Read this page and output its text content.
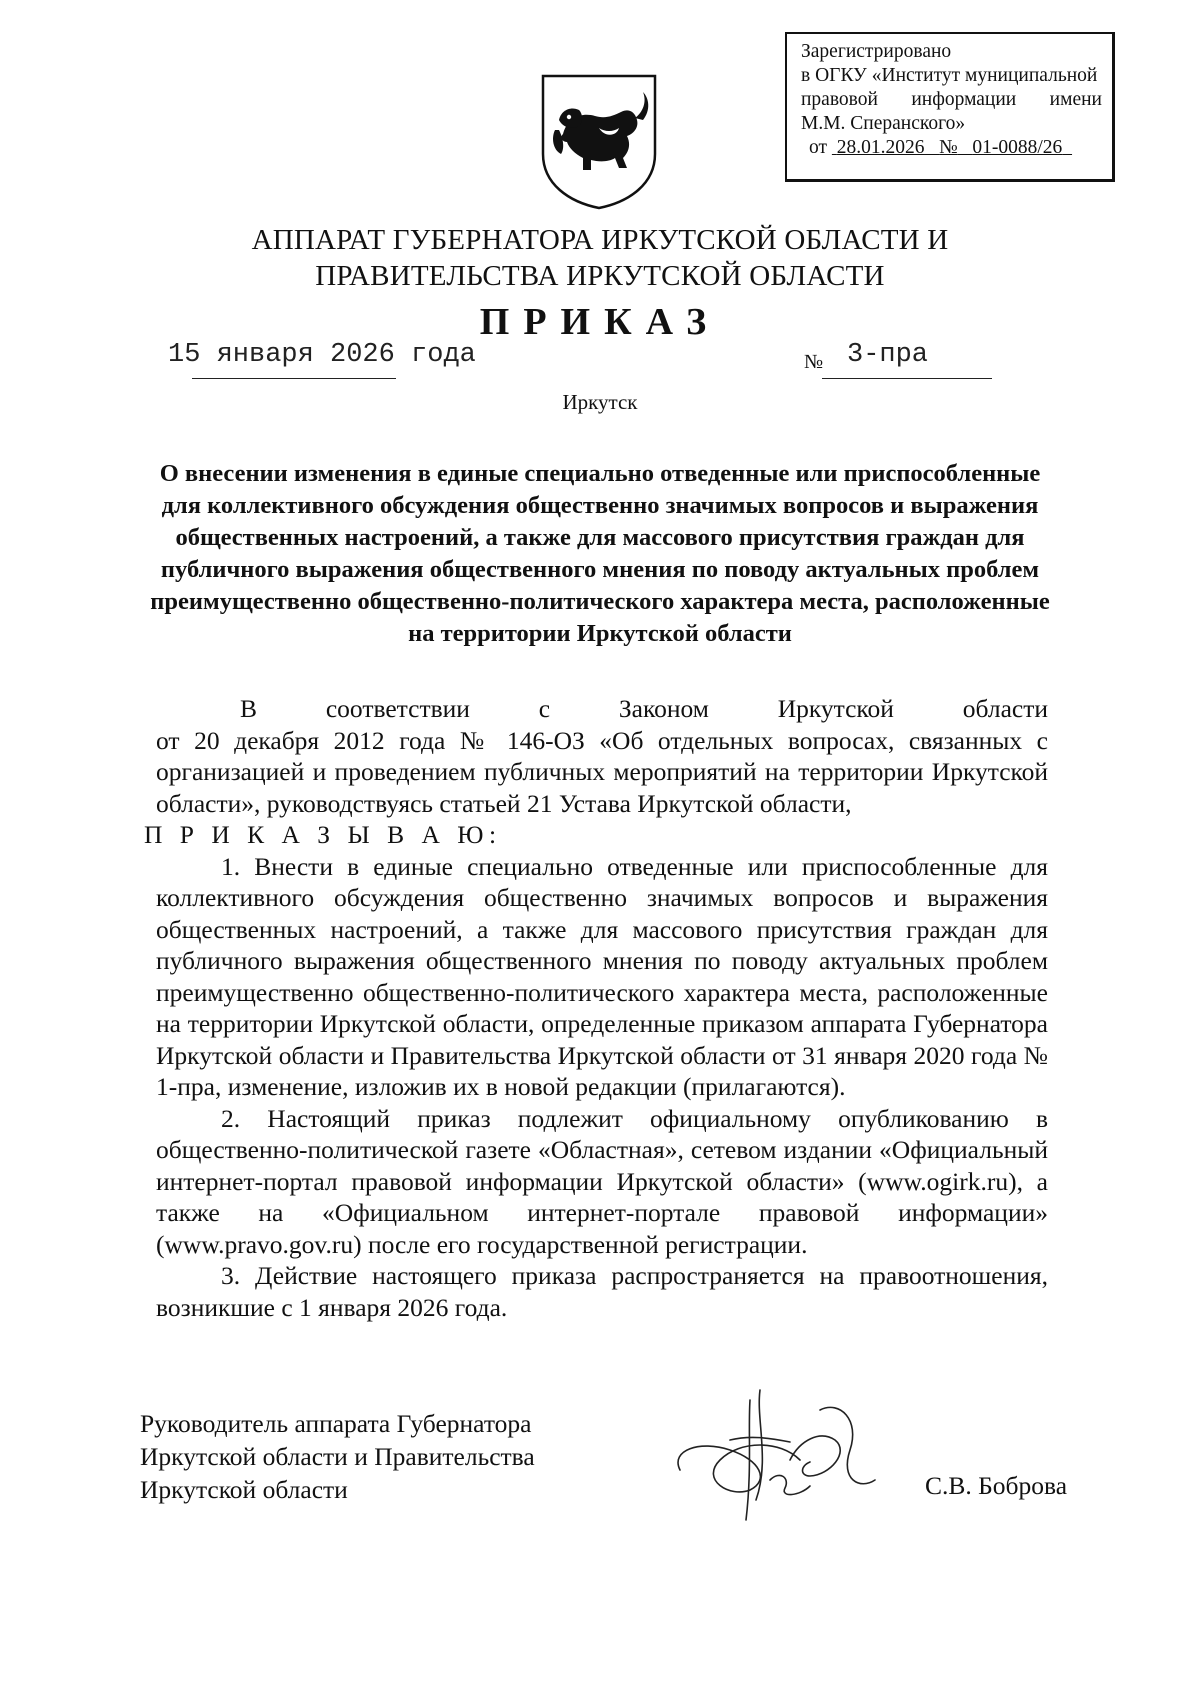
Зарегистрировано
в ОГКУ «Институт муниципальной
правовой информации имени
М.М. Сперанского»
от 28.01.2026 № 01-0088/26
АППАРАТ ГУБЕРНАТОРА ИРКУТСКОЙ ОБЛАСТИ И
ПРАВИТЕЛЬСТВА ИРКУТСКОЙ ОБЛАСТИ
ПРИКАЗ
15 января 2026 года	№ 3-пра
Иркутск
О внесении изменения в единые специально отведенные или приспособленные для коллективного обсуждения общественно значимых вопросов и выражения общественных настроений, а также для массового присутствия граждан для публичного выражения общественного мнения по поводу актуальных проблем преимущественно общественно-политического характера места, расположенные на территории Иркутской области
В соответствии с Законом Иркутской области
от 20 декабря 2012 года № 146-ОЗ «Об отдельных вопросах, связанных с организацией и проведением публичных мероприятий на территории Иркутской области», руководствуясь статьей 21 Устава Иркутской области,
П Р И К А З Ы В А Ю:
1. Внести в единые специально отведенные или приспособленные для коллективного обсуждения общественно значимых вопросов и выражения общественных настроений, а также для массового присутствия граждан для публичного выражения общественного мнения по поводу актуальных проблем преимущественно общественно-политического характера места, расположенные на территории Иркутской области, определенные приказом аппарата Губернатора Иркутской области и Правительства Иркутской области от 31 января 2020 года № 1-пра, изменение, изложив их в новой редакции (прилагаются).
2. Настоящий приказ подлежит официальному опубликованию в общественно-политической газете «Областная», сетевом издании «Официальный интернет-портал правовой информации Иркутской области» (www.ogirk.ru), а также на «Официальном интернет-портале правовой информации» (www.pravo.gov.ru) после его государственной регистрации.
3. Действие настоящего приказа распространяется на правоотношения, возникшие с 1 января 2026 года.
Руководитель аппарата Губернатора
Иркутской области и Правительства
Иркутской области	С.В. Боброва
